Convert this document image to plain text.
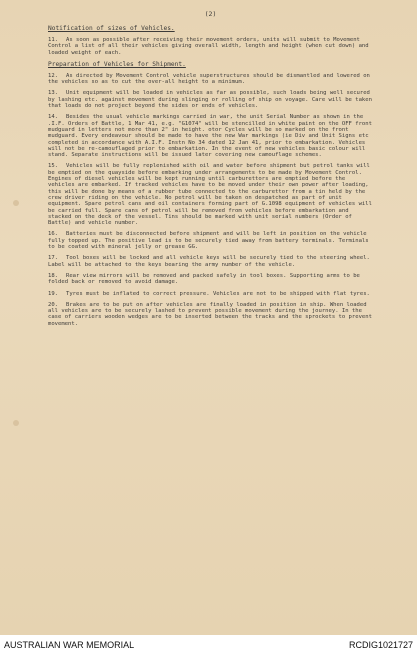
(2)
Notification of sizes of Vehicles.

11. As soon as possible after receiving their movement orders, units will submit to Movement Control a list of all their vehicles giving overall width, length and height (when cut down) and loaded weight of each.

Preparation of Vehicles for Shipment.

12. As directed by Movement Control vehicle superstructures should be dismantled and lowered on the vehicles so as to cut the over-all height to a minimum.

13. Unit equipment will be loaded in vehicles as far as possible, such loads being well secured by lashing etc. against movement during slinging or rolling of ship on voyage. Care will be taken that loads do not project beyond the sides or ends of vehicles.

14. Besides the usual vehicle markings carried in war, the unit Serial Number as shown in the .I.F. Orders of Battle, 1 Mar 41, e.g. "G1074" will be stencilled in white paint on the OFF front mudguard in letters not more than 2" in height. otor Cycles will be so marked on the front mudguard. Every endeavour should be made to have the new War markings (ie Div and Unit Signs etc completed in accordance with A.I.F. Instn No 34 dated 12 Jan 41, prior to embarkation. Vehicles will not be re-camouflaged prior to embarkation. In the event of new vehicles basic colour will stand. Separate instructions will be issued later covering new camouflage schemes.

15. Vehicles will be fully replenished with oil and water before shipment but petrol tanks will be emptied on the quayside before embarking under arrangements to be made by Movement Control. Engines of diesel vehicles will be kept running until carburettors are emptied before the vehicles are embarked. If tracked vehicles have to be moved under their own power after loading, this will be done by means of a rubber tube connected to the carburettor from a tin held by the crew driver riding on the vehicle. No petrol will be taken on despatched as part of unit equipment. Spare petrol cans and oil containers forming part of G.1098 equipment of vehicles will be carried full. Spare cans of petrol will be removed from vehicles before embarkation and stacked on the deck of the vessel. Tins should be marked with unit serial numbers (Order of Battle) and vehicle number.

16. Batteries must be disconnected before shipment and will be left in position on the vehicle fully topped up. The positive lead is to be securely tied away from battery terminals. Terminals to be coated with mineral jelly or grease GG.

17. Tool boxes will be locked and all vehicle keys will be securely tied to the steering wheel. Label will be attached to the keys bearing the army number of the vehicle.

18. Rear view mirrors will be removed and packed safely in tool boxes. Supporting arms to be folded back or removed to avoid damage.

19. Tyres must be inflated to correct pressure. Vehicles are not to be shipped with flat tyres.

20. Brakes are to be put on after vehicles are finally loaded in position in ship. When loaded all vehicles are to be securely lashed to prevent possible movement during the journey. In the case of carriers wooden wedges are to be inserted between the tracks and the sprockets to prevent movement.

AUSTRALIAN WAR MEMORIAL	RCDIG1021727
